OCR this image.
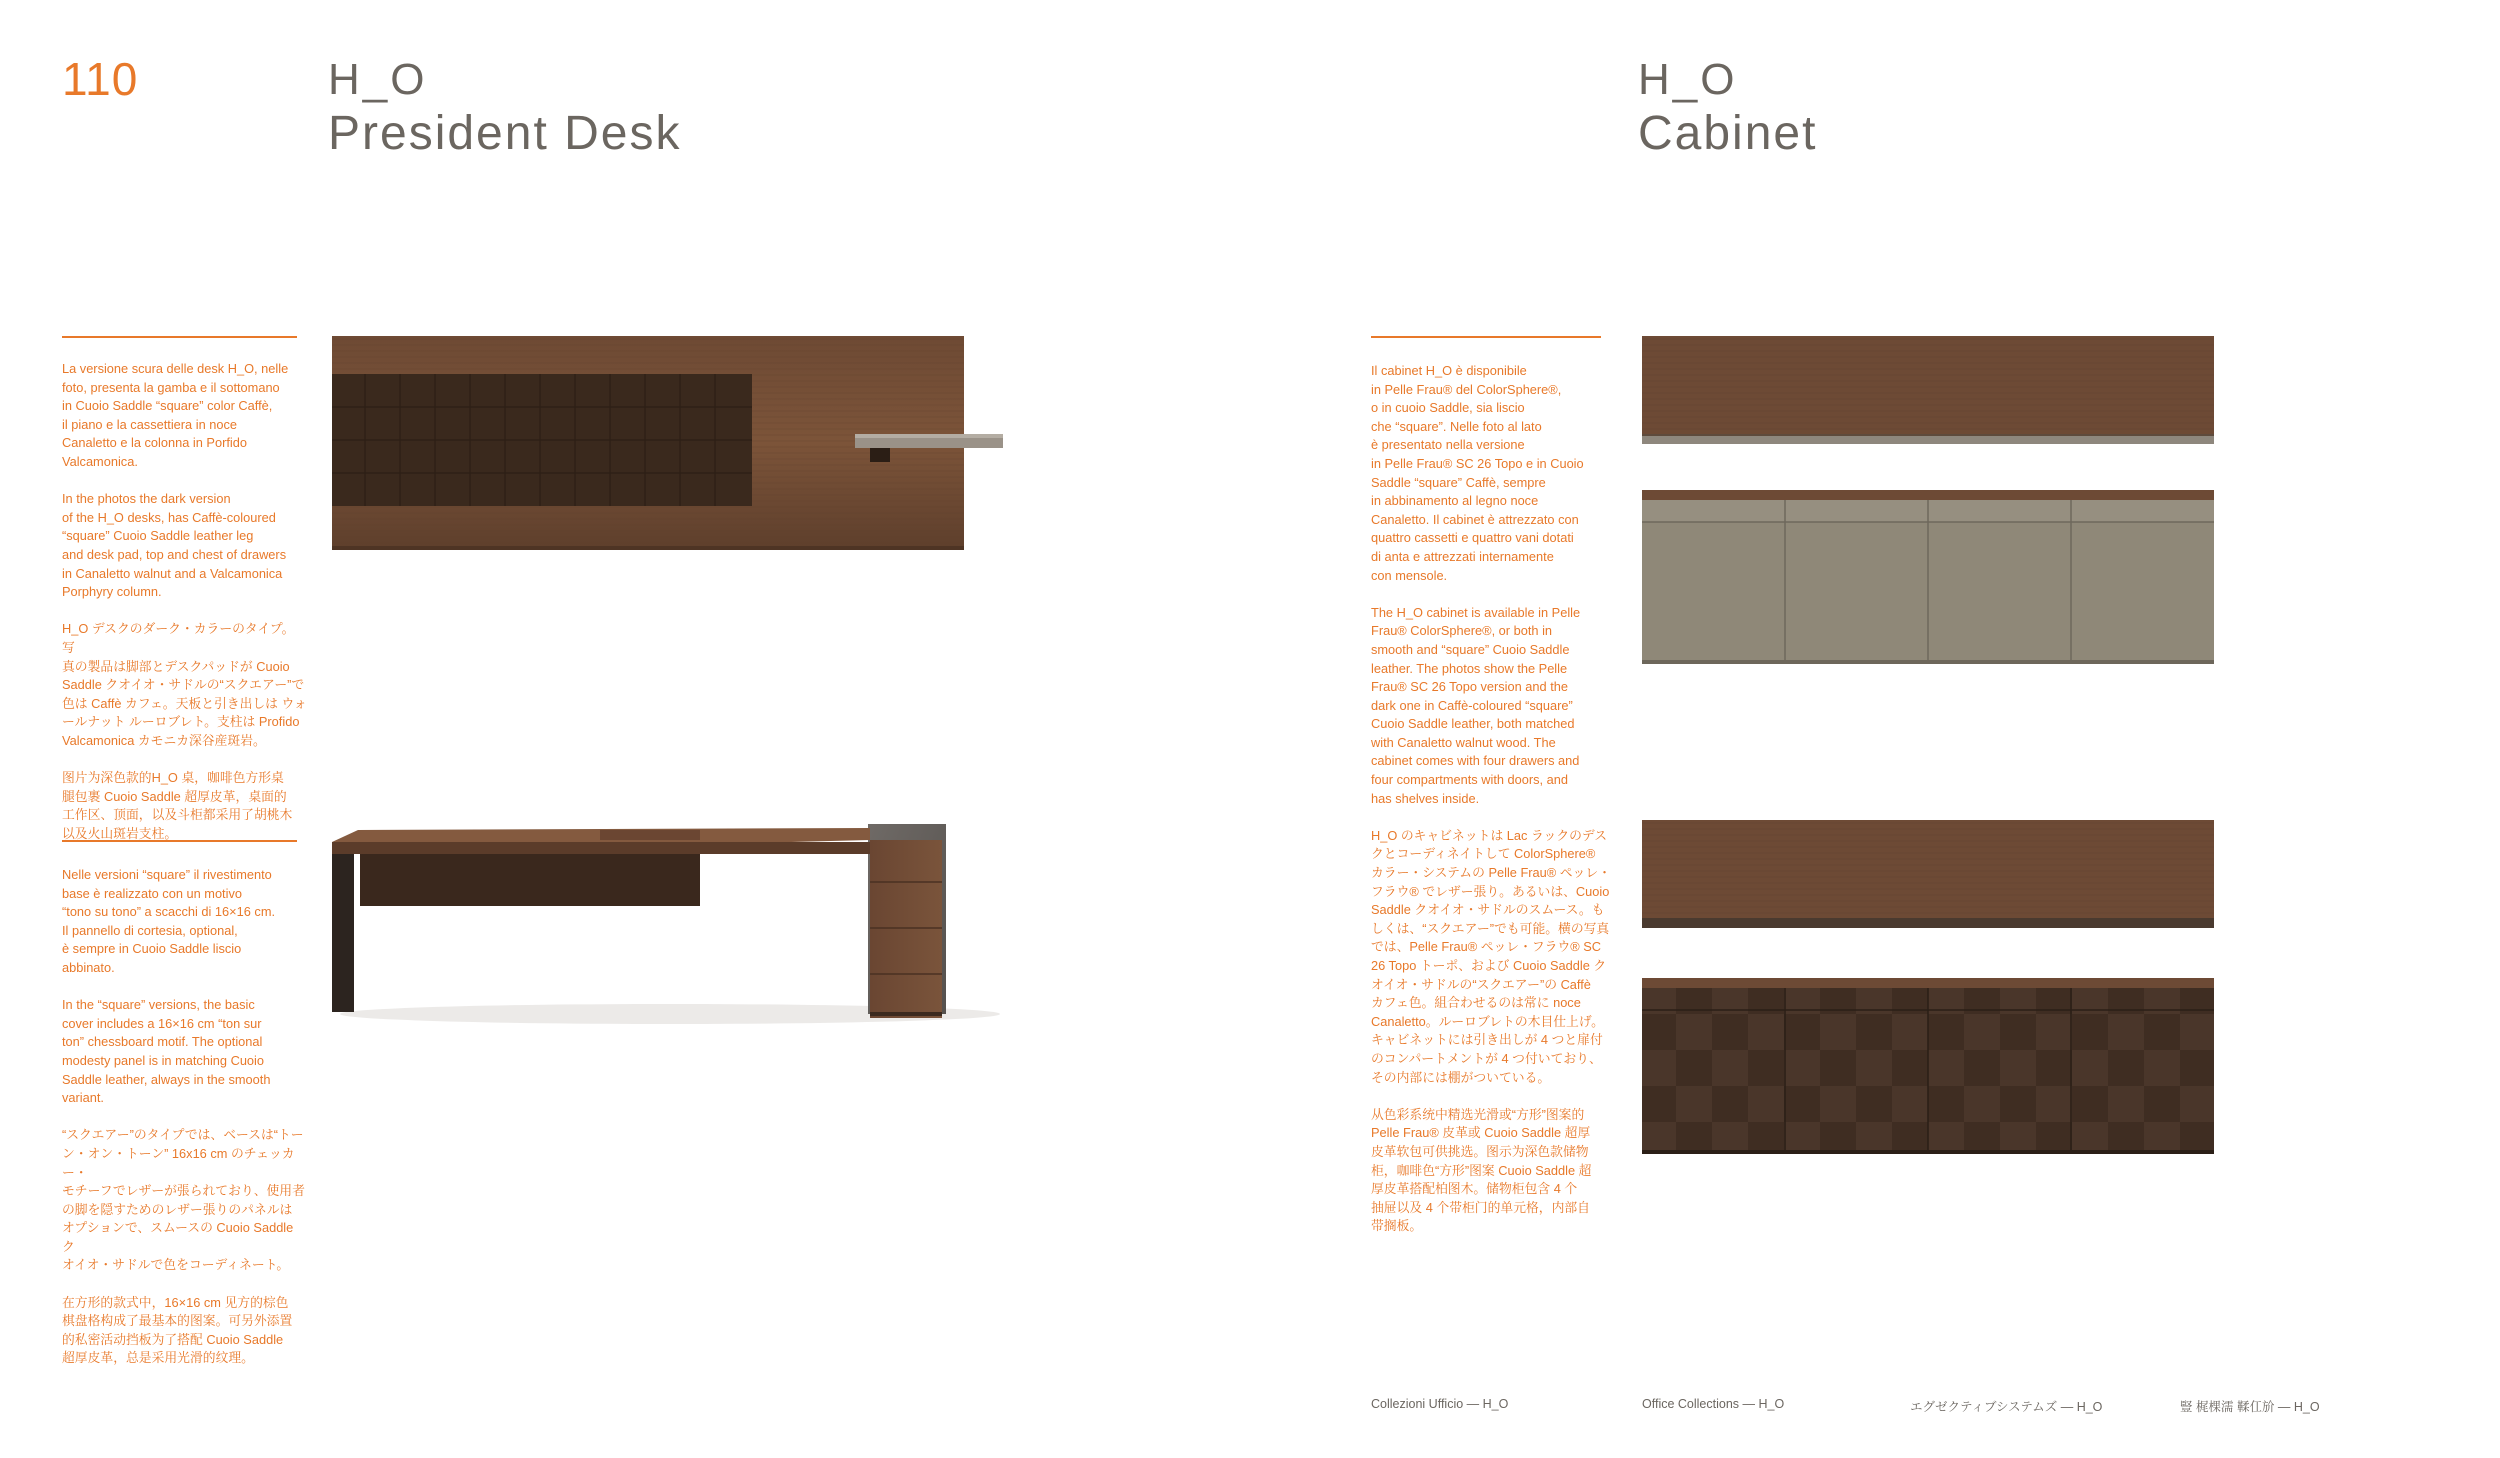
110	H_O
President Desk
H_O
Cabinet

La versione scura delle desk H_O, nelle
foto, presenta la gamba e il sottomano
in Cuoio Saddle “square” color Caffè,
il piano e la cassettiera in noce
Canaletto e la colonna in Porfido
Valcamonica.

In the photos the dark version
of the H_O desks, has Caffè-coloured
“square” Cuoio Saddle leather leg
and desk pad, top and chest of drawers
in Canaletto walnut and a Valcamonica
Porphyry column.

H_O デスクのダーク・カラーのタイプ。写
真の製品は脚部とデスクパッドが Cuoio
Saddle クオイオ・サドルの“スクエアー”で
色は Caffè カフェ。天板と引き出しは ウォ
ールナット ルーロブレト。支柱は Profido
Valcamonica カモニカ深谷産斑岩。

图片为深色款的H_O 桌，咖啡色方形桌
腿包裹 Cuoio Saddle 超厚皮革，桌面的
工作区、顶面，以及斗柜都采用了胡桃木
以及火山斑岩支柱。

Nelle versioni “square” il rivestimento
base è realizzato con un motivo
“tono su tono” a scacchi di 16×16 cm.
Il pannello di cortesia, optional,
è sempre in Cuoio Saddle liscio
abbinato.

In the “square” versions, the basic
cover includes a 16×16 cm “ton sur
ton” chessboard motif. The optional
modesty panel is in matching Cuoio
Saddle leather, always in the smooth
variant.

“スクエアー”のタイプでは、ベースは“トー
ン・オン・トーン” 16x16 cm のチェッカー・
モチーフでレザーが張られており、使用者
の脚を隠すためのレザー張りのパネルは
オプションで、スムースの Cuoio Saddle ク
オイオ・サドルで色をコーディネート。

在方形的款式中，16×16 cm 见方的棕色
棋盘格构成了最基本的图案。可另外添置
的私密活动挡板为了搭配 Cuoio Saddle
超厚皮革，总是采用光滑的纹理。

Il cabinet H_O è disponibile
in Pelle Frau® del ColorSphere®,
o in cuoio Saddle, sia liscio
che “square”. Nelle foto al lato
è presentato nella versione
in Pelle Frau® SC 26 Topo e in Cuoio
Saddle “square” Caffè, sempre
in abbinamento al legno noce
Canaletto. Il cabinet è attrezzato con
quattro cassetti e quattro vani dotati
di anta e attrezzati internamente
con mensole.

The H_O cabinet is available in Pelle
Frau® ColorSphere®, or both in
smooth and “square” Cuoio Saddle
leather. The photos show the Pelle
Frau® SC 26 Topo version and the
dark one in Caffè-coloured “square”
Cuoio Saddle leather, both matched
with Canaletto walnut wood. The
cabinet comes with four drawers and
four compartments with doors, and
has shelves inside.

H_O のキャビネットは Lac ラックのデス
クとコーディネイトして ColorSphere®
カラー・システムの Pelle Frau® ペッレ・
フラウ® でレザー張り。あるいは、Cuoio
Saddle クオイオ・サドルのスムース。も
しくは、“スクエアー”でも可能。横の写真
では、Pelle Frau® ペッレ・フラウ® SC
26 Topo トーポ、および Cuoio Saddle ク
オイオ・サドルの“スクエアー”の Caffè
カフェ色。組合わせるのは常に noce
Canaletto。ルーロブレトの木目仕上げ。
キャビネットには引き出しが 4 つと扉付
のコンパートメントが 4 つ付いており、
その内部には棚がついている。

从色彩系统中精选光滑或“方形”图案的
Pelle Frau® 皮革或 Cuoio Saddle 超厚
皮革软包可供挑选。图示为深色款储物
柜，咖啡色“方形”图案 Cuoio Saddle 超
厚皮革搭配柏图木。储物柜包含 4 个
抽屉以及 4 个带柜门的单元格，内部自
带搁板。

Collezioni Ufficio — H_O	Office Collections — H_O	エグゼクティブシステムズ — H_O	豎 梶棵濡 鞣仜斺 — H_O
